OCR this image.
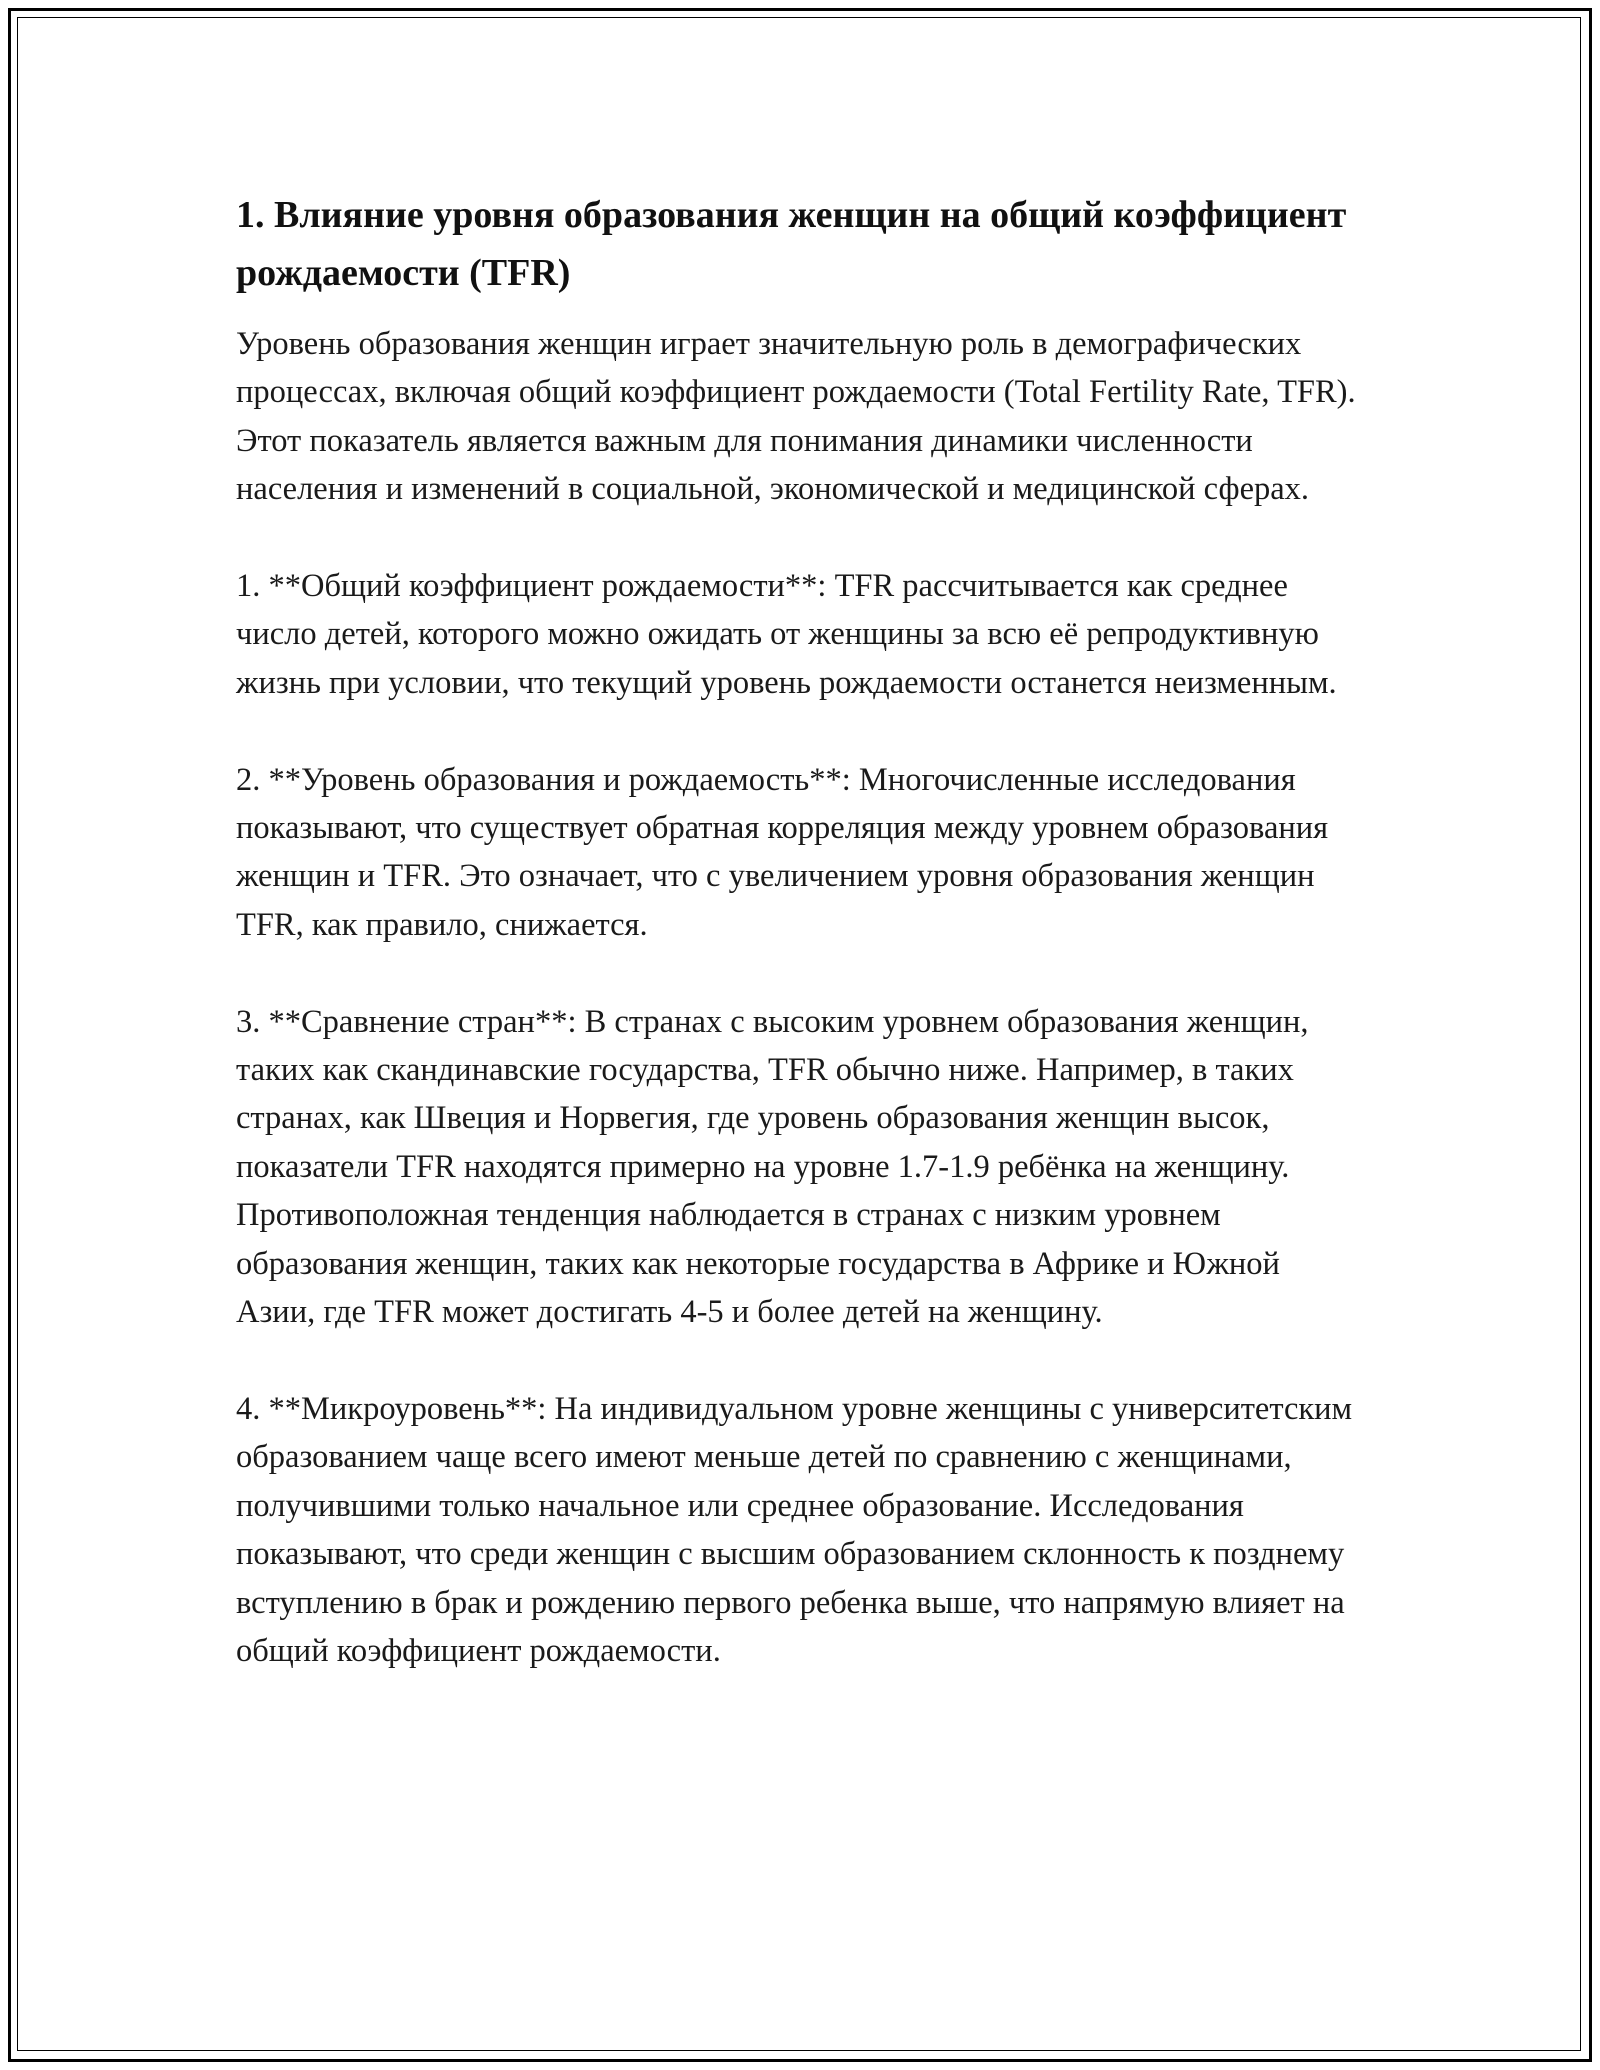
1. Влияние уровня образования женщин на общий коэффициент рождаемости (TFR)

Уровень образования женщин играет значительную роль в демографических процессах, включая общий коэффициент рождаемости (Total Fertility Rate, TFR). Этот показатель является важным для понимания динамики численности населения и изменений в социальной, экономической и медицинской сферах.

1. **Общий коэффициент рождаемости**: TFR рассчитывается как среднее число детей, которого можно ожидать от женщины за всю её репродуктивную жизнь при условии, что текущий уровень рождаемости останется неизменным.

2. **Уровень образования и рождаемость**: Многочисленные исследования показывают, что существует обратная корреляция между уровнем образования женщин и TFR. Это означает, что с увеличением уровня образования женщин TFR, как правило, снижается.

3. **Сравнение стран**: В странах с высоким уровнем образования женщин, таких как скандинавские государства, TFR обычно ниже. Например, в таких странах, как Швеция и Норвегия, где уровень образования женщин высок, показатели TFR находятся примерно на уровне 1.7-1.9 ребёнка на женщину. Противоположная тенденция наблюдается в странах с низким уровнем образования женщин, таких как некоторые государства в Африке и Южной Азии, где TFR может достигать 4-5 и более детей на женщину.

4. **Микроуровень**: На индивидуальном уровне женщины с университетским образованием чаще всего имеют меньше детей по сравнению с женщинами, получившими только начальное или среднее образование. Исследования показывают, что среди женщин с высшим образованием склонность к позднему вступлению в брак и рождению первого ребенка выше, что напрямую влияет на общий коэффициент рождаемости.
